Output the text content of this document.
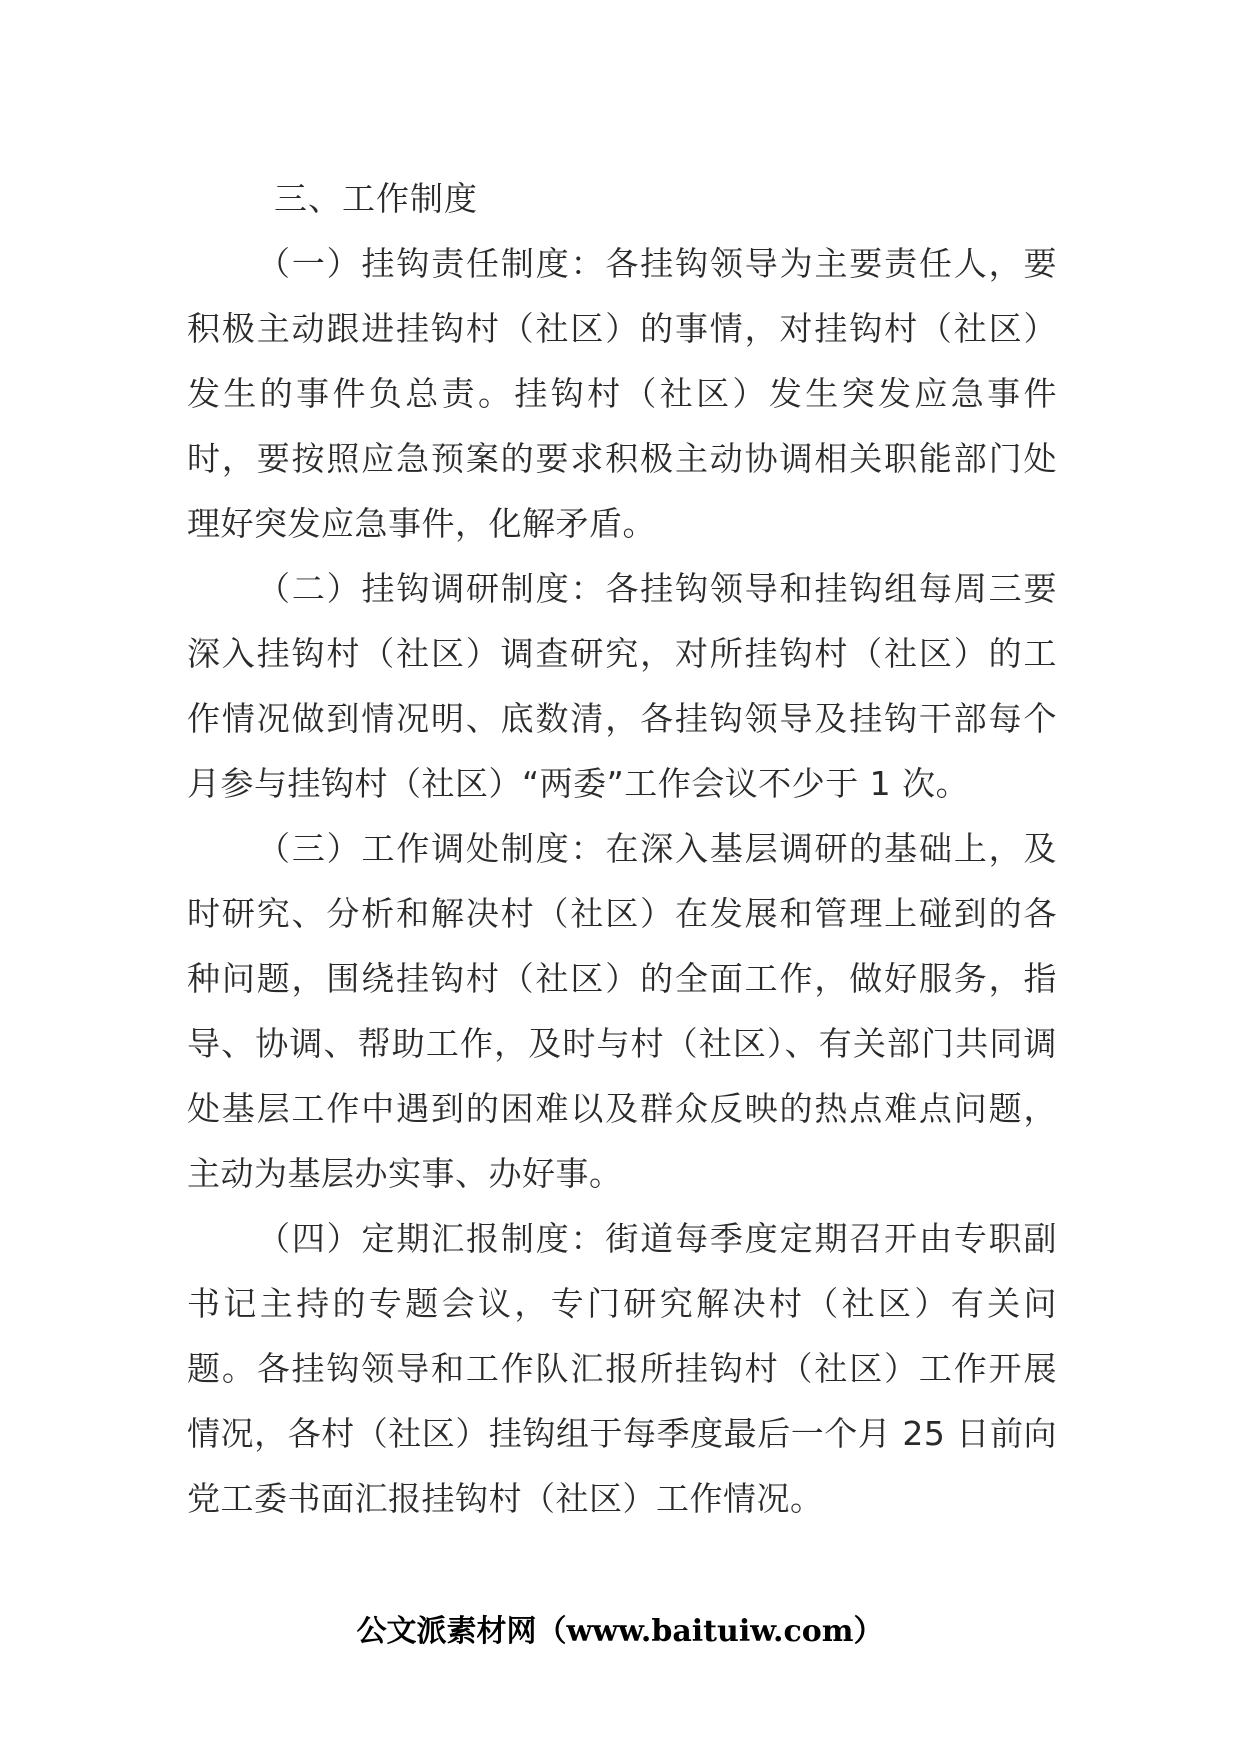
三、工作制度

（一）挂钩责任制度：各挂钩领导为主要责任人，要积极主动跟进挂钩村（社区）的事情，对挂钩村（社区）发生的事件负总责。挂钩村（社区）发生突发应急事件时，要按照应急预案的要求积极主动协调相关职能部门处理好突发应急事件，化解矛盾。

（二）挂钩调研制度：各挂钩领导和挂钩组每周三要深入挂钩村（社区）调查研究，对所挂钩村（社区）的工作情况做到情况明、底数清，各挂钩领导及挂钩干部每个月参与挂钩村（社区）“两委”工作会议不少于 1 次。

（三）工作调处制度：在深入基层调研的基础上，及时研究、分析和解决村（社区）在发展和管理上碰到的各种问题，围绕挂钩村（社区）的全面工作，做好服务，指导、协调、帮助工作，及时与村（社区）、有关部门共同调处基层工作中遇到的困难以及群众反映的热点难点问题，主动为基层办实事、办好事。

（四）定期汇报制度：街道每季度定期召开由专职副书记主持的专题会议，专门研究解决村（社区）有关问题。各挂钩领导和工作队汇报所挂钩村（社区）工作开展情况，各村（社区）挂钩组于每季度最后一个月 25 日前向党工委书面汇报挂钩村（社区）工作情况。

公文派素材网（www.baituiw.com）
